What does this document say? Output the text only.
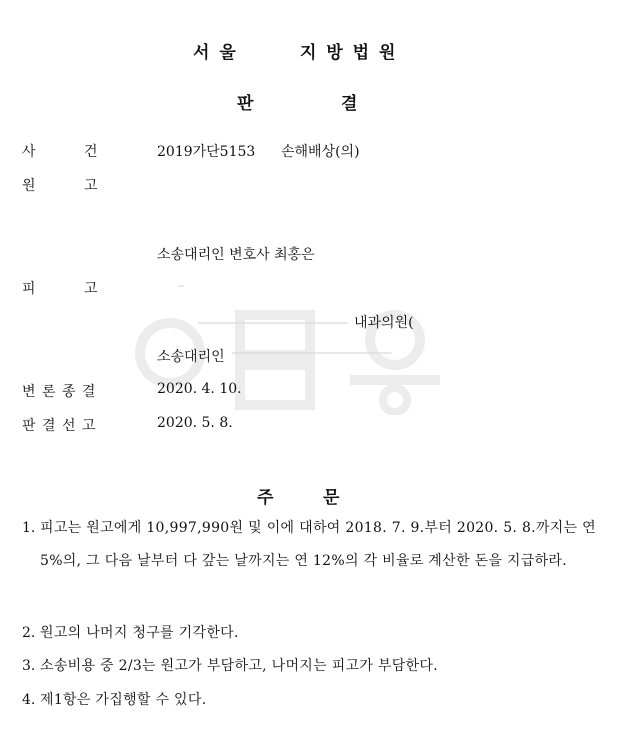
서 울	지 방 법 원
판	결
사	건	2019가단5153 손해배상(의)
원	고
소송대리인 변호사 최홍은
피	고
내과의원(
소송대리인
변 론 종 결	2020. 4. 10.
판 결 선 고	2020. 5. 8.
주	문
1. 피고는 원고에게 10,997,990원 및 이에 대하여 2018. 7. 9.부터 2020. 5. 8.까지는 연 5%의, 그 다음 날부터 다 갚는 날까지는 연 12%의 각 비율로 계산한 돈을 지급하라.
2. 원고의 나머지 청구를 기각한다.
3. 소송비용 중 2/3는 원고가 부담하고, 나머지는 피고가 부담한다.
4. 제1항은 가집행할 수 있다.
